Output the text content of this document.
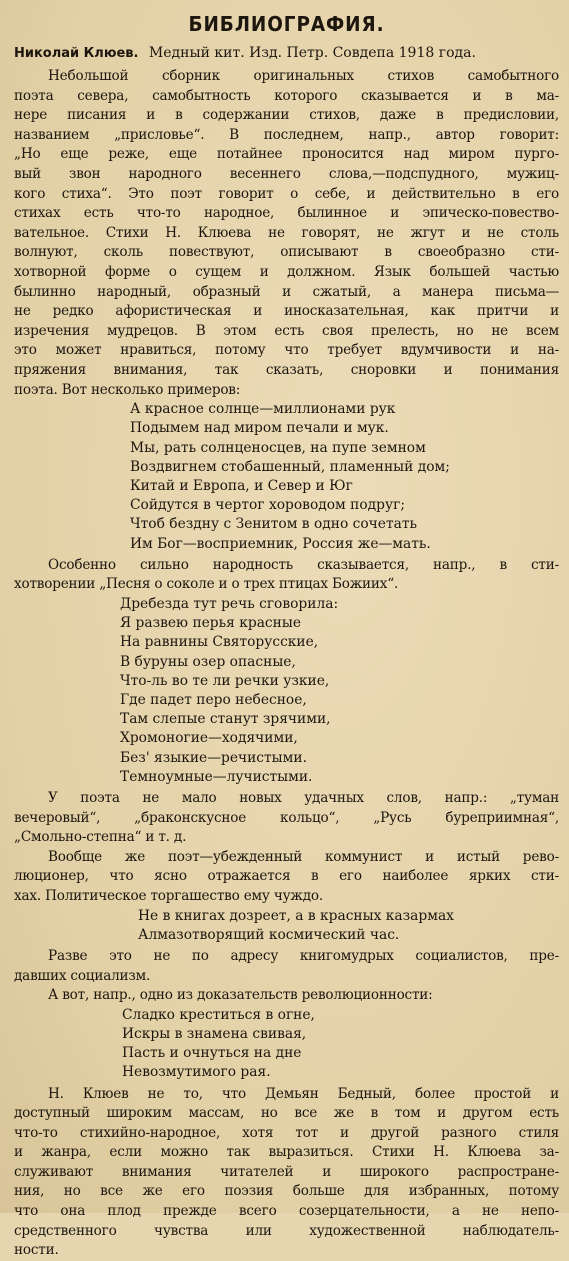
БИБЛИОГРАФИЯ.
Николай Клюев. Медный кит. Изд. Петр. Совдепа 1918 года.
Небольшой сборник оригинальных стихов самобытного
поэта севера, самобытность которого сказывается и в ма-
нере писания и в содержании стихов, даже в предисловии,
названием „присловье“. В последнем, напр., автор говорит:
„Но еще реже, еще потайнее проносится над миром пурго-
вый звон народного весеннего слова,—подспудного, мужиц-
кого стиха“. Это поэт говорит о себе, и действительно в его
стихах есть что-то народное, былинное и эпическо-повество-
вательное. Стихи Н. Клюева не говорят, не жгут и не столь
волнуют, сколь повествуют, описывают в своеобразно сти-
хотворной форме о сущем и должном. Язык большей частью
былинно народный, образный и сжатый, а манера письма—
не редко афористическая и иносказательная, как притчи и
изречения мудрецов. В этом есть своя прелесть, но не всем
это может нравиться, потому что требует вдумчивости и на-
пряжения внимания, так сказать, сноровки и понимания
поэта. Вот несколько примеров:
А красное солнце—миллионами рук
Подымем над миром печали и мук.
Мы, рать солнценосцев, на пупе земном
Воздвигнем стобашенный, пламенный дом;
Китай и Европа, и Север и Юг
Сойдутся в чертог хороводом подруг;
Чтоб бездну с Зенитом в одно сочетать
Им Бог—восприемник, Россия же—мать.
Особенно сильно народность сказывается, напр., в сти-
хотворении „Песня о соколе и о трех птицах Божиих“.
Дребезда тут речь сговорила:
Я развею перья красные
На равнины Святорусские,
В буруны озер опасные,
Что-ль во те ли речки узкие,
Где падет перо небесное,
Там слепые станут зрячими,
Хромоногие—ходячими,
Без' языкие—речистыми.
Темноумные—лучистыми.
У поэта не мало новых удачных слов, напр.: „туман
вечеровый“, „браконскусное кольцо“, „Русь буреприимная“,
„Смольно-степна“ и т. д.
Вообще же поэт—убежденный коммунист и истый рево-
люционер, что ясно отражается в его наиболее ярких сти-
хах. Политическое торгашество ему чуждо.
Не в книгах дозреет, а в красных казармах
Алмазотворящий космический час.
Разве это не по адресу книгомудрых социалистов, пре-
давших социализм.
А вот, напр., одно из доказательств революционности:
Сладко креститься в огне,
Искры в знамена свивая,
Пасть и очнуться на дне
Невозмутимого рая.
Н. Клюев не то, что Демьян Бедный, более простой и
доступный широким массам, но все же в том и другом есть
что-то стихийно-народное, хотя тот и другой разного стиля
и жанра, если можно так выразиться. Стихи Н. Клюева за-
служивают внимания читателей и широкого распростране-
ния, но все же его поэзия больше для избранных, потому
что она плод прежде всего созерцательности, а не непо-
средственного чувства или художественной наблюдатель-
ности.
